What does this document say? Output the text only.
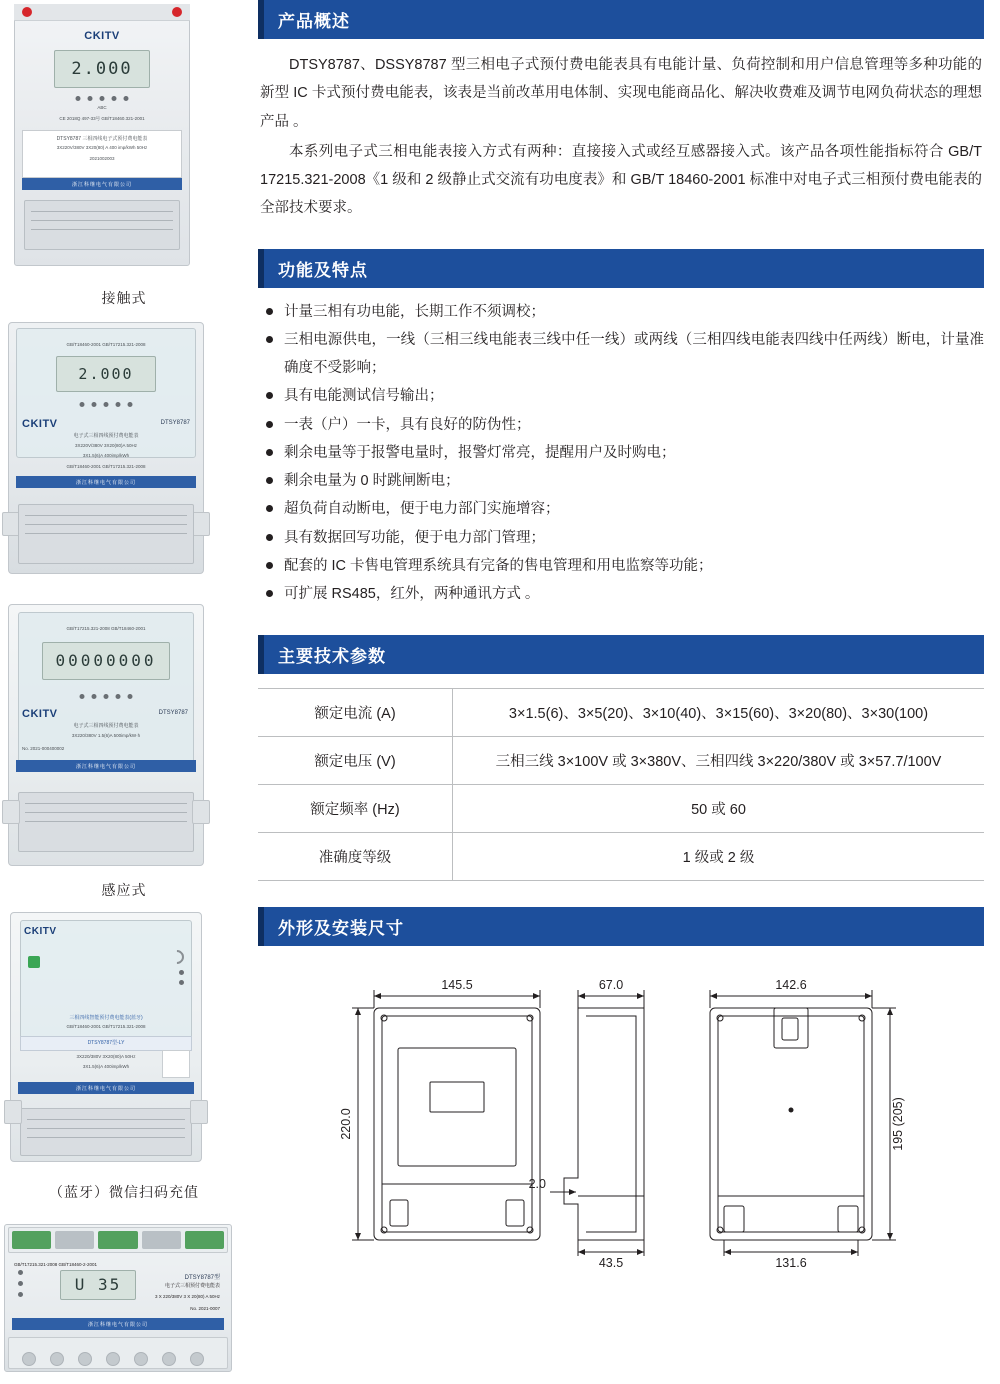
CKITV
2.000
ABC
CE 2018Q 497-33号 GB/T18460.321-2001
DTSY8787 三相四线电子式预付费电能表
3X220V/380V 3X20(80) A 400 imp/kWh 50Hz
2021002003
浙江科继电气有限公司
接触式
GB/T18460-2001 GB/T17215.321-2008
2.000
CKITV	DTSY8787
电子式三相四线预付费电能表
3X220V/380V 3X20(80)A 50Hz
3X1.5(6)A 400imp/kWh
GB/T18460-2001 GB/T17215.321-2008
浙江科继电气有限公司
GB/T17215.321-2008 GB/T18460-2001
00000000
CKITV	DTSY8787
电子式三相四线预付费电能表
3X220/380V 1.5(6)A 500imp/kW·h
No. 2021-000400002
浙江科继电气有限公司
感应式
CKITV
三相四线智能预付费电能表(蓝牙)
GB/T18460-2001 GB/T17215.321-2008
DTSY8787型-LY
3X220/380V 3X20(80)A 50Hz
3X1.5(6)A 400imp/kWh
浙江科继电气有限公司
（蓝牙）微信扫码充值
U 35
GB/T17215.321-2008 GB/T18460-2-2001
DTSY8787型
电子式三相预付费电能表
3 X 220/380V 3 X 20(80) A 50Hz
No. 2021-0007
浙江科继电气有限公司
产品概述

DTSY8787、DSSY8787 型三相电子式预付费电能表具有电能计量、负荷控制和用户信息管理等多种功能的新型 IC 卡式预付费电能表，该表是当前改革用电体制、实现电能商品化、解决收费难及调节电网负荷状态的理想产品 。

本系列电子式三相电能表接入方式有两种：直接接入式或经互感器接入式。该产品各项性能指标符合 GB/T 17215.321-2008《1 级和 2 级静止式交流有功电度表》和 GB/T 18460-2001 标准中对电子式三相预付费电能表的全部技术要求。

功能及特点
计量三相有功电能，长期工作不须调校；
三相电源供电，一线（三相三线电能表三线中任一线）或两线（三相四线电能表四线中任两线）断电，计量准确度不受影响；
具有电能测试信号输出；
一表（户）一卡，具有良好的防伪性；
剩余电量等于报警电量时，报警灯常亮，提醒用户及时购电；
剩余电量为 0 时跳闸断电；
超负荷自动断电，便于电力部门实施增容；
具有数据回写功能，便于电力部门管理；
配套的 IC 卡售电管理系统具有完备的售电管理和用电监察等功能；
可扩展 RS485，红外，两种通讯方式 。
主要技术参数
额定电流 (A)	3×1.5(6)、3×5(20)、3×10(40)、3×15(60)、3×20(80)、3×30(100)
额定电压 (V)	三相三线 3×100V 或 3×380V、三相四线 3×220/380V 或 3×57.7/100V
额定频率 (Hz)	50 或 60
准确度等级	1 级或 2 级
外形及安装尺寸
145.5
220.0
67.0
2.0
43.5
142.6
195 (205)
131.6
